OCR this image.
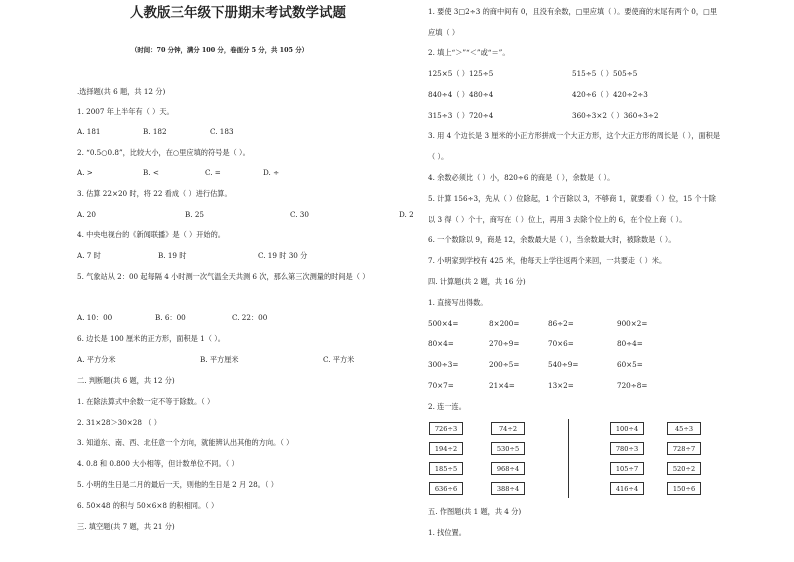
人教版三年级下册期末考试数学试题
（时间：70 分钟，满分 100 分，卷面分 5 分，共 105 分）
.选择题(共 6 题，共 12 分)
1. 2007 年上半年有（ ）天。
A. 181	B. 182	C. 183
2. “0.5○0.8”，比较大小，在○里应填的符号是（ ）。
A. >	B. <	C. =	D. ÷
3. 估算 22×20 时，将 22 看成（ ）进行估算。
A. 20	B. 25	C. 30	D. 2
4. 中央电视台的《新闻联播》是（ ）开始的。
A. 7 时	B. 19 时	C. 19 时 30 分
5. 气象站从 2：00 起每隔 4 小时测一次气温全天共测 6 次，那么第三次测量的时间是（ ）
A. 10：00	B. 6：00	C. 22：00
6. 边长是 100 厘米的正方形，面积是 1（ ）。
A. 平方分米	B. 平方厘米	C. 平方米
二. 判断题(共 6 题，共 12 分)
1. 在除法算式中余数一定不等于除数。（ ）
2. 31×28＞30×28 （ ）
3. 知道东、南、西、北任意一个方向，就能辨认出其他的方向。（ ）
4. 0.8 和 0.800 大小相等，但计数单位不同。（ ）
5. 小明的生日是二月的最后一天，则他的生日是 2 月 28。（ ）
6. 50×48 的积与 50×6×8 的积相同。（ ）
三. 填空题(共 7 题，共 21 分)
1. 要使 3□2÷3 的商中间有 0，且没有余数，□里应填（ ）。要使商的末尾有两个 0，□里
应填（ ）
2. 填上“＞”“＜”或“＝”。
125×5（ ）125÷5	515÷5（ ）505÷5
840÷4（ ）480÷4	420÷6（ ）420÷2÷3
315÷3（ ）720÷4	360÷3×2（ ）360÷3÷2
3. 用 4 个边长是 3 厘米的小正方形拼成一个大正方形，这个大正方形的周长是（ ），面积是
（ ）。
4. 余数必须比（ ）小，820÷6 的商是（ ），余数是（ ）。
5. 计算 156÷3，先从（ ）位除起，1 个百除以 3，不够商 1，就要看（ ）位，15 个十除
以 3 得（ ）个十，商写在（ ）位上，再用 3 去除个位上的 6，在个位上商（ ）。
6. 一个数除以 9，商是 12，余数最大是（ ），当余数最大时，被除数是（ ）。
7. 小明家到学校有 425 米，他每天上学往返两个来回，一共要走（ ）米。
四. 计算题(共 2 题，共 16 分)
1. 直接写出得数。
500×4=	8×200=	86÷2=	900×2=
80×4=	270÷9=	70×6=	80÷4=
300÷3=	200÷5=	540÷9=	60×5=
70×7=	21×4=	13×2=	720÷8=
2. 连一连。
726÷3	74÷2	100÷4	45÷3
194÷2	530÷5	780÷3	728÷7
185÷5	968÷4	105÷7	520÷2
636÷6	388÷4	416÷4	150÷6
五. 作图题(共 1 题，共 4 分)
1. 找位置。
